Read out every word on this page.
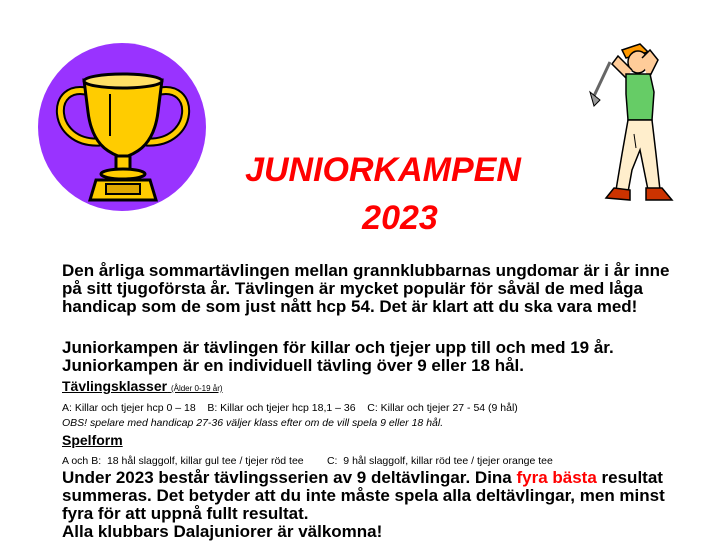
JUNIORKAMPEN
2023
Den årliga sommartävlingen mellan grannklubbarnas ungdomar är i år inne
på sitt tjugoförsta år. Tävlingen är mycket populär för såväl de med låga
handicap som de som just nått hcp 54. Det är klart att du ska vara med!
Juniorkampen är tävlingen för killar och tjejer upp till och med 19 år.
Juniorkampen är en individuell tävling över 9 eller 18 hål.
Tävlingsklasser (Ålder 0-19 år)
A: Killar och tjejer hcp 0 – 18    B: Killar och tjejer hcp 18,1 – 36    C: Killar och tjejer 27 - 54 (9 hål)
OBS! spelare med handicap 27-36 väljer klass efter om de vill spela 9 eller 18 hål.
Spelform
A och B:  18 hål slaggolf, killar gul tee / tjejer röd tee        C:  9 hål slaggolf, killar röd tee / tjejer orange tee
Under 2023 består tävlingsserien av 9 deltävlingar. Dina fyra bästa resultat
summeras. Det betyder att du inte måste spela alla deltävlingar, men minst
fyra för att uppnå fullt resultat.
Alla klubbars Dalajuniorer är välkomna!
